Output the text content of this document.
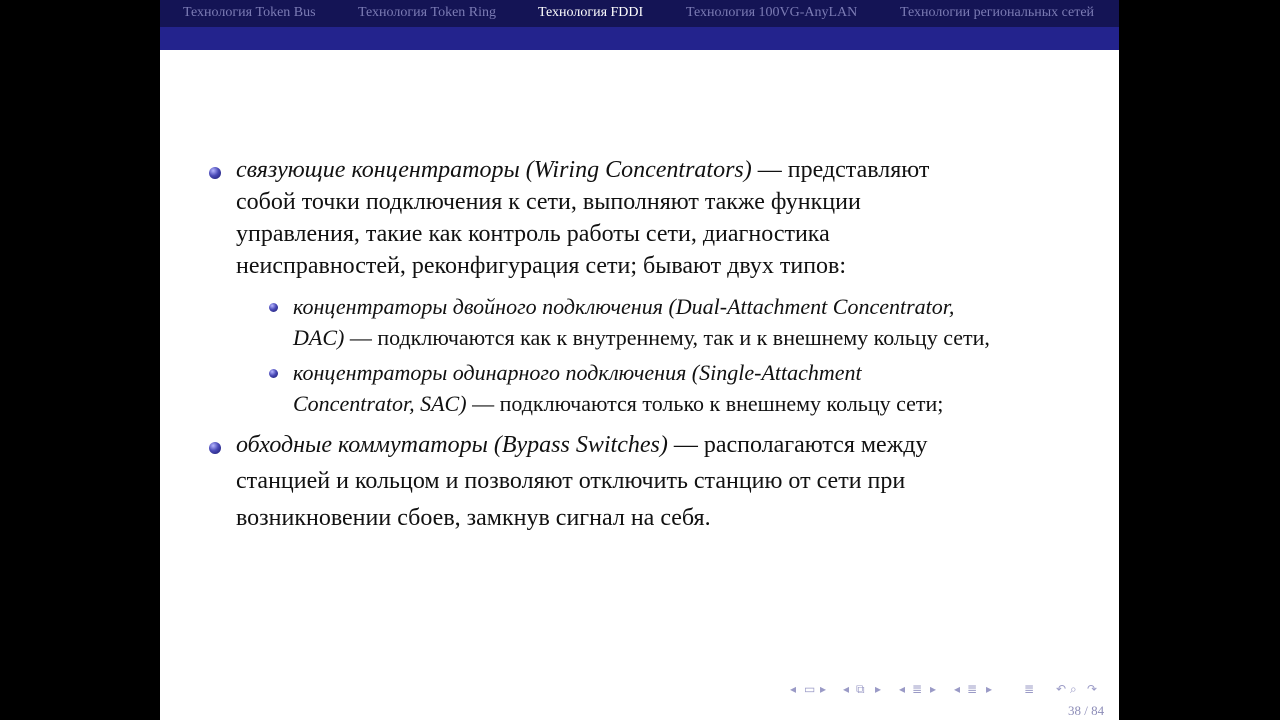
Технология Token Bus	Технология Token Ring	Технология FDDI	Технология 100VG-AnyLAN	Технологии региональных сетей
связующие концентраторы (Wiring Concentrators) — представляют
собой точки подключения к сети, выполняют также функции
управления, такие как контроль работы сети, диагностика
неисправностей, реконфигурация сети; бывают двух типов:
концентраторы двойного подключения (Dual-Attachment Concentrator,
DAC) — подключаются как к внутреннему, так и к внешнему кольцу сети,
концентраторы одинарного подключения (Single-Attachment
Concentrator, SAC) — подключаются только к внешнему кольцу сети;
обходные коммутаторы (Bypass Switches) — располагаются между
станцией и кольцом и позволяют отключить станцию от сети при
возникновении сбоев, замкнув сигнал на себя.
◂ ▭ ▸ ◂ ⧉ ▸ ◂ ≣ ▸ ◂ ≣ ▸	≣ ↶ ⌕ ↷
38 / 84
